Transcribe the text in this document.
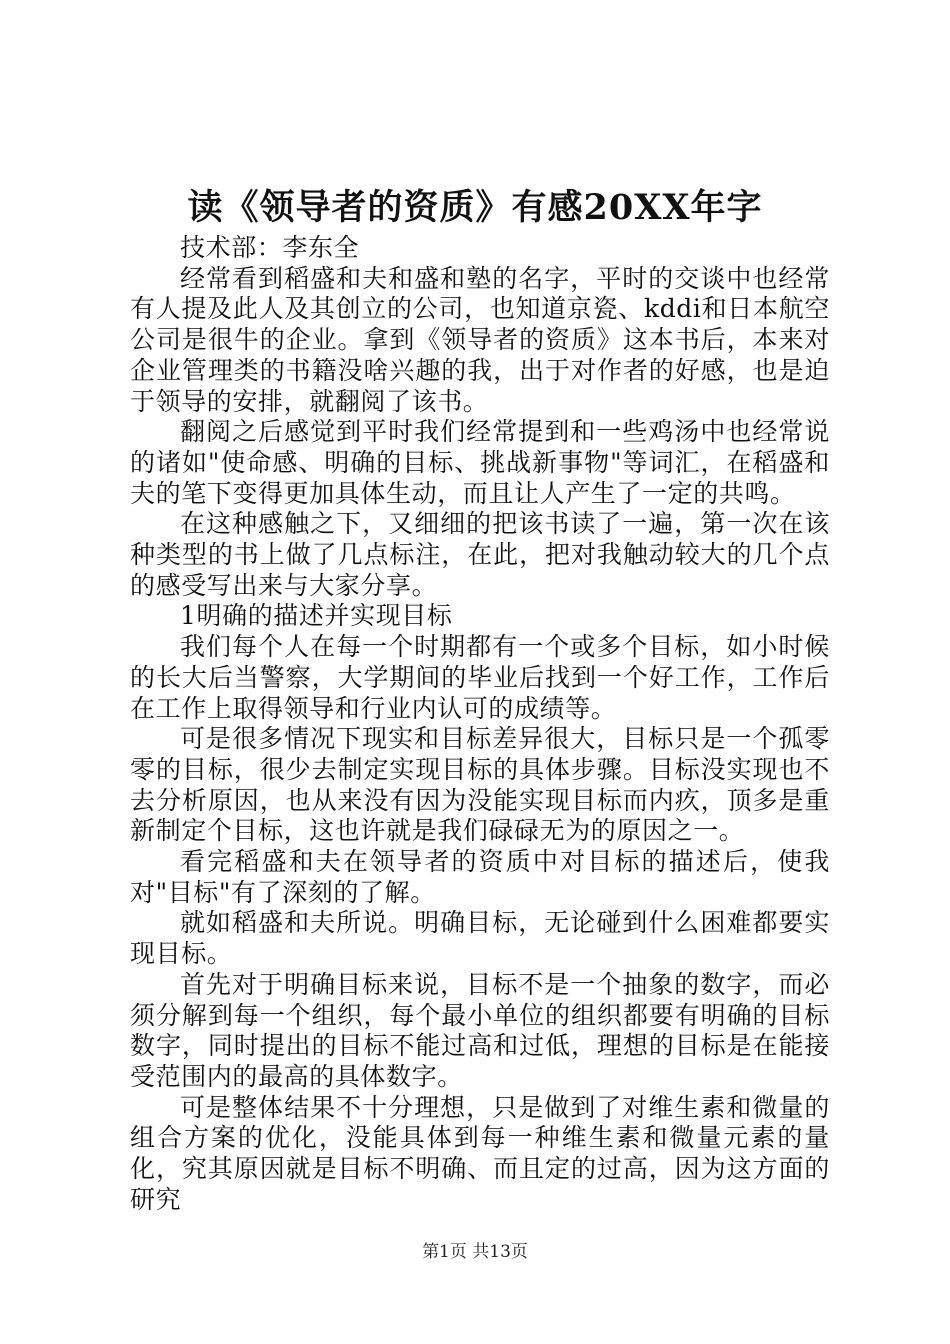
读《领导者的资质》有感20XX年字

技术部：李东全

经常看到稻盛和夫和盛和塾的名字，平时的交谈中也经常有人提及此人及其创立的公司，也知道京瓷、kddi和日本航空公司是很牛的企业。拿到《领导者的资质》这本书后，本来对企业管理类的书籍没啥兴趣的我，出于对作者的好感，也是迫于领导的安排，就翻阅了该书。

翻阅之后感觉到平时我们经常提到和一些鸡汤中也经常说的诸如"使命感、明确的目标、挑战新事物"等词汇，在稻盛和夫的笔下变得更加具体生动，而且让人产生了一定的共鸣。

在这种感触之下，又细细的把该书读了一遍，第一次在该种类型的书上做了几点标注，在此，把对我触动较大的几个点的感受写出来与大家分享。

1明确的描述并实现目标

我们每个人在每一个时期都有一个或多个目标，如小时候的长大后当警察，大学期间的毕业后找到一个好工作，工作后在工作上取得领导和行业内认可的成绩等。

可是很多情况下现实和目标差异很大，目标只是一个孤零零的目标，很少去制定实现目标的具体步骤。目标没实现也不去分析原因，也从来没有因为没能实现目标而内疚，顶多是重新制定个目标，这也许就是我们碌碌无为的原因之一。

看完稻盛和夫在领导者的资质中对目标的描述后，使我对"目标"有了深刻的了解。

就如稻盛和夫所说。明确目标，无论碰到什么困难都要实现目标。

首先对于明确目标来说，目标不是一个抽象的数字，而必须分解到每一个组织，每个最小单位的组织都要有明确的目标数字，同时提出的目标不能过高和过低，理想的目标是在能接受范围内的最高的具体数字。

可是整体结果不十分理想，只是做到了对维生素和微量的组合方案的优化，没能具体到每一种维生素和微量元素的量化，究其原因就是目标不明确、而且定的过高，因为这方面的研究

第1页 共13页
